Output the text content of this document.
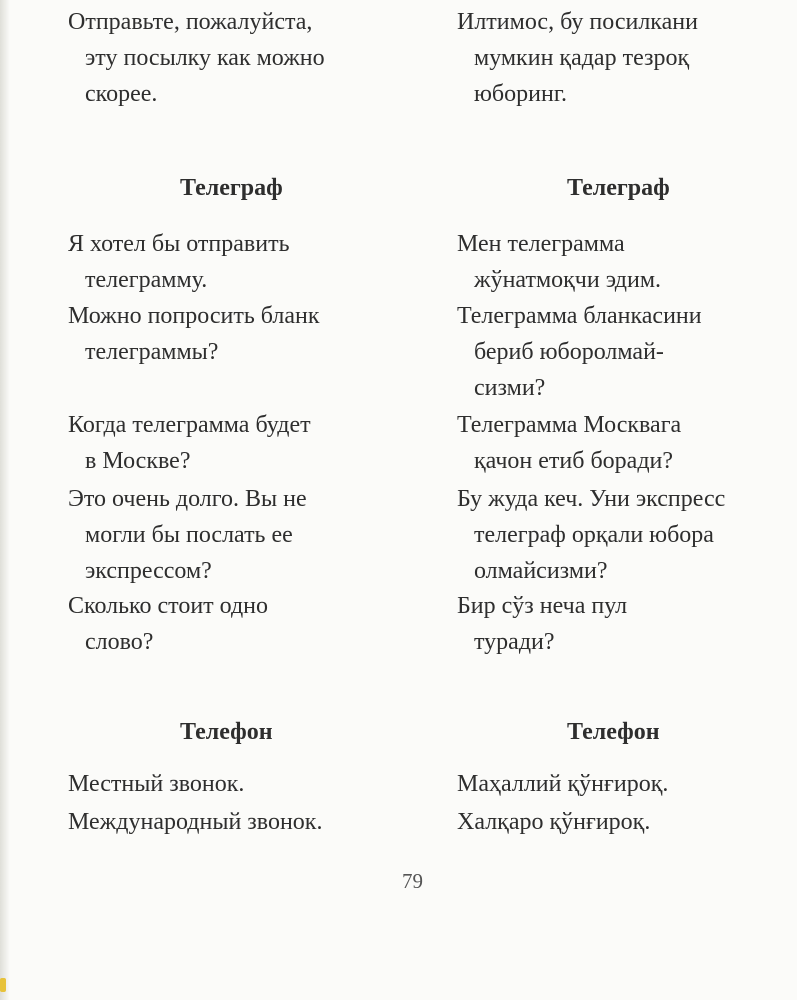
Отправьте, пожалуйста,
эту посылку как можно
скорее.
Телеграф
Я хотел бы отправить
телеграмму.
Можно попросить бланк
телеграммы?
Когда телеграмма будет
в Москве?
Это очень долго. Вы не
могли бы послать ее
экспрессом?
Сколько стоит одно
слово?
Телефон
Местный звонок.
Международный звонок.
Илтимос, бу посилкани
мумкин қадар тезроқ
юборинг.
Телеграф
Мен телеграмма
жўнатмоқчи эдим.
Телеграмма бланкасини
бериб юборолмай-
сизми?
Телеграмма Москвага
қачон етиб боради?
Бу жуда кеч. Уни экспресс
телеграф орқали юбора
олмайсизми?
Бир сўз неча пул
туради?
Телефон
Маҳаллий қўнғироқ.
Халқаро қўнғироқ.
79
